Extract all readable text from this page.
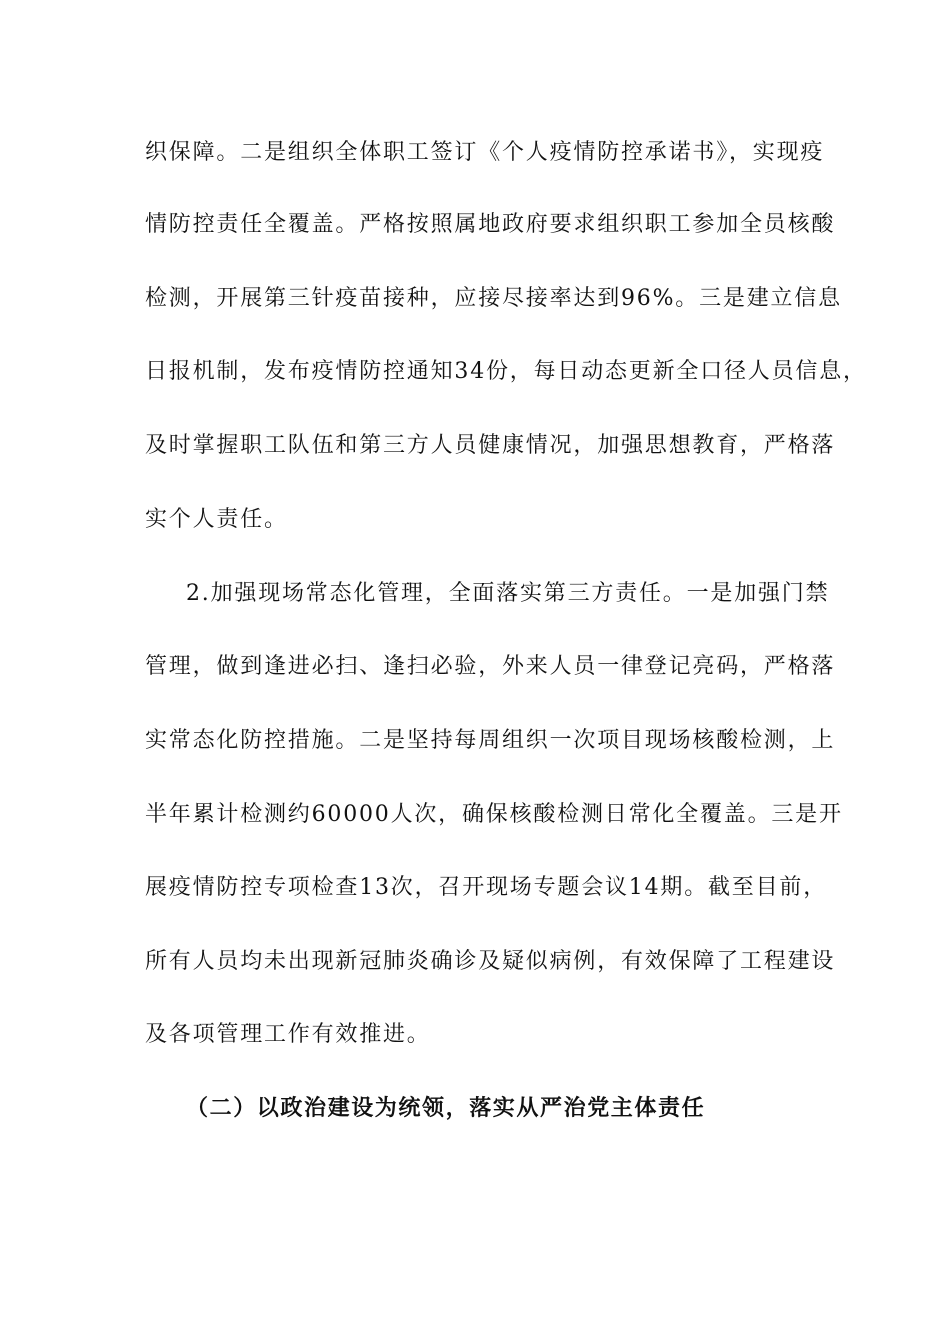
织保障。二是组织全体职工签订《个人疫情防控承诺书》，实现疫

情防控责任全覆盖。严格按照属地政府要求组织职工参加全员核酸

检测，开展第三针疫苗接种，应接尽接率达到96%。三是建立信息

日报机制，发布疫情防控通知34份，每日动态更新全口径人员信息，

及时掌握职工队伍和第三方人员健康情况，加强思想教育，严格落

实个人责任。

2.加强现场常态化管理，全面落实第三方责任。一是加强门禁

管理，做到逢进必扫、逢扫必验，外来人员一律登记亮码，严格落

实常态化防控措施。二是坚持每周组织一次项目现场核酸检测，上

半年累计检测约60000人次，确保核酸检测日常化全覆盖。三是开

展疫情防控专项检查13次，召开现场专题会议14期。截至目前，

所有人员均未出现新冠肺炎确诊及疑似病例，有效保障了工程建设

及各项管理工作有效推进。

（二）以政治建设为统领，落实从严治党主体责任
